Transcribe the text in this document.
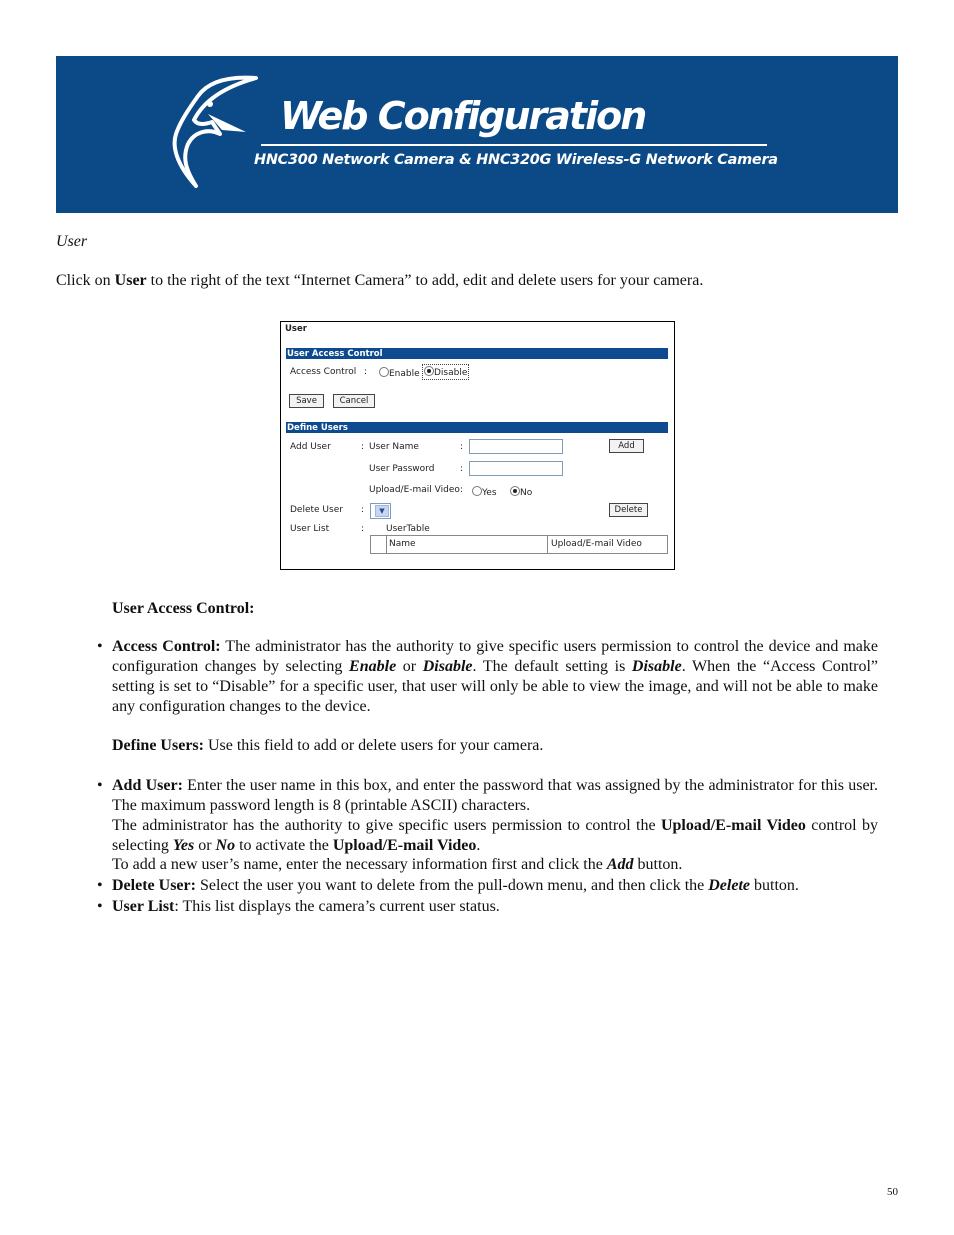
Web Configuration
HNC300 Network Camera & HNC320G Wireless-G Network Camera
User
Click on User to the right of the text “Internet Camera” to add, edit and delete users for your camera.
User
User Access Control
Access Control :	Enable	Disable
Save	Cancel
Define Users
Add User	: User Name	:	Add
User Password	:
Upload/E-mail Video :	Yes	No
Delete User :	▼	Delete
User List	: UserTable
Name	Upload/E-mail Video
User Access Control:
• Access Control: The administrator has the authority to give specific users permission to control the device and make configuration changes by selecting Enable or Disable. The default setting is Disable. When the “Access Control” setting is set to “Disable” for a specific user, that user will only be able to view the image, and will not be able to make any configuration changes to the device.
Define Users: Use this field to add or delete users for your camera.
• Add User: Enter the user name in this box, and enter the password that was assigned by the administrator for this user. The maximum password length is 8 (printable ASCII) characters.
The administrator has the authority to give specific users permission to control the Upload/E-mail Video control by selecting Yes or No to activate the Upload/E-mail Video.
To add a new user’s name, enter the necessary information first and click the Add button.
• Delete User: Select the user you want to delete from the pull-down menu, and then click the Delete button.
• User List: This list displays the camera’s current user status.
50
